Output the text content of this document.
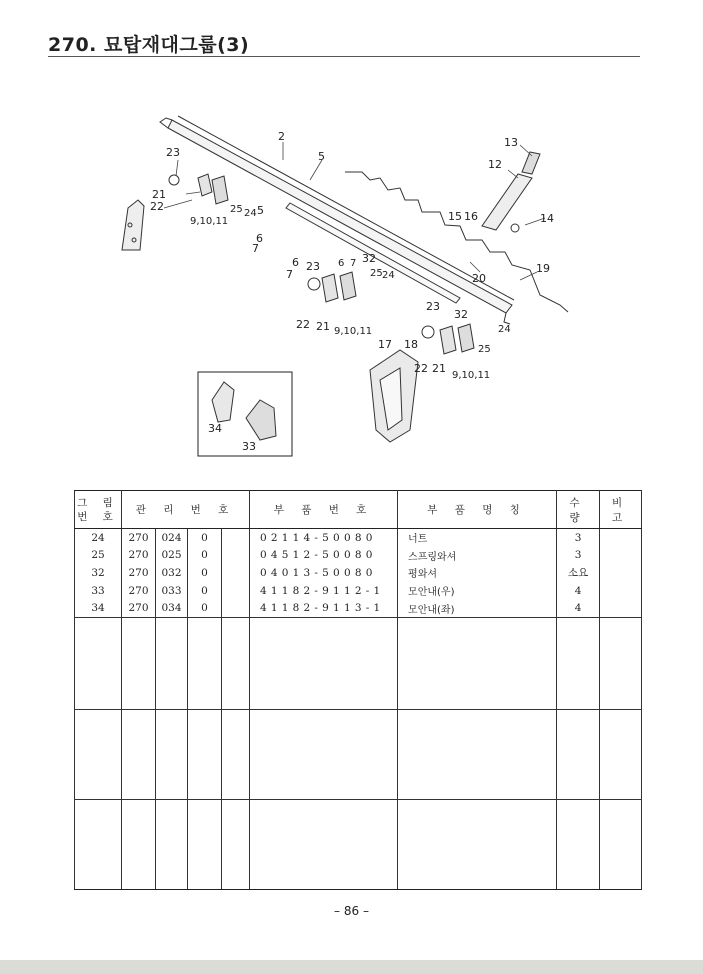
270. 묘탑재대그룹(3)
2
5
13
12
23
21
22
9,10,11
25 24 5
6
7
6
7
23 6 7 32
25 24
15 16	14
20
19
22 21 9,10,11
17 18
23
32
24
25
22 21
9,10,11
34
33
그 림
번 호	관 리 번 호				부 품 번 호	부 품 명 칭	수 량	비 고
24	270	024	0		02114-50080	너트	3	
25	270	025	0		04512-50080	스프링와셔	3	
32	270	032	0		04013-50080	평와셔	소요	
33	270	033	0		41182-9112-1	모안내(우)	4	
34	270	034	0		41182-9113-1	모안내(좌)	4	

– 86 –
